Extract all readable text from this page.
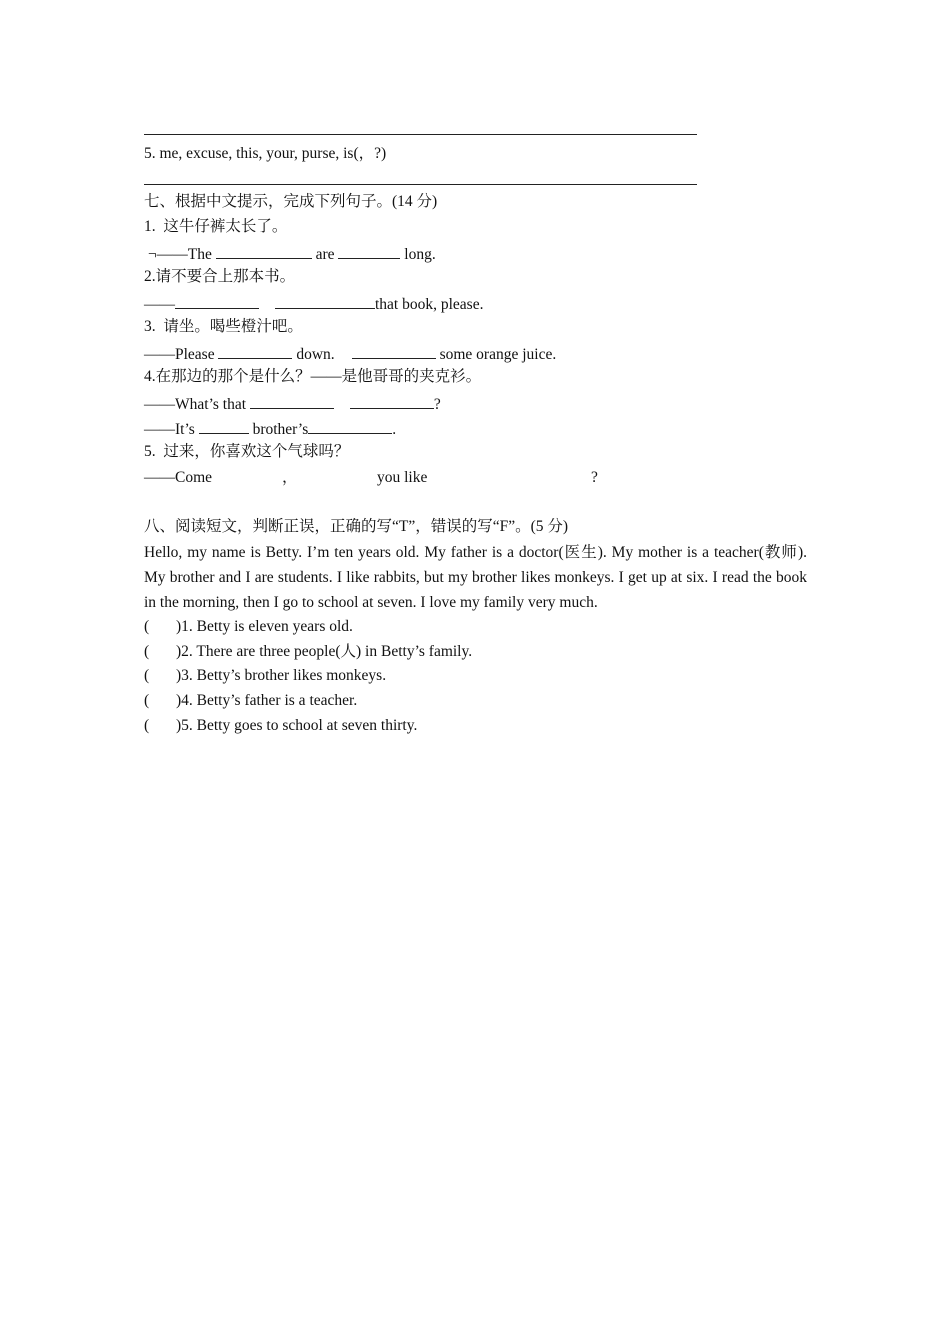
5. me, excuse, this, your, purse, is(，?)
七、根据中文提示，完成下列句子。(14 分)
1.  这牛仔裤太长了。
¬——The	are	long.
2.请不要合上那本书。
——	that book, please.
3.  请坐。喝些橙汁吧。
——Please	down.	some orange juice.
4.在那边的那个是什么？——是他哥哥的夹克衫。
——What’s that	?
——It’s	brother’s	.
5.  过来，你喜欢这个气球吗？
——Come	，	you like	?
八、阅读短文，判断正误，正确的写“T”，错误的写“F”。(5 分)
Hello, my name is Betty. I’m ten years old. My father is a doctor(医生). My mother is a teacher(教师). My brother and I are students. I like rabbits, but my brother likes monkeys. I get up at six. I read the book in the morning, then I go to school at seven. I love my family very much.
( )1. Betty is eleven years old.
( )2. There are three people(人) in Betty’s family.
( )3. Betty’s brother likes monkeys.
( )4. Betty’s father is a teacher.
( )5. Betty goes to school at seven thirty.
